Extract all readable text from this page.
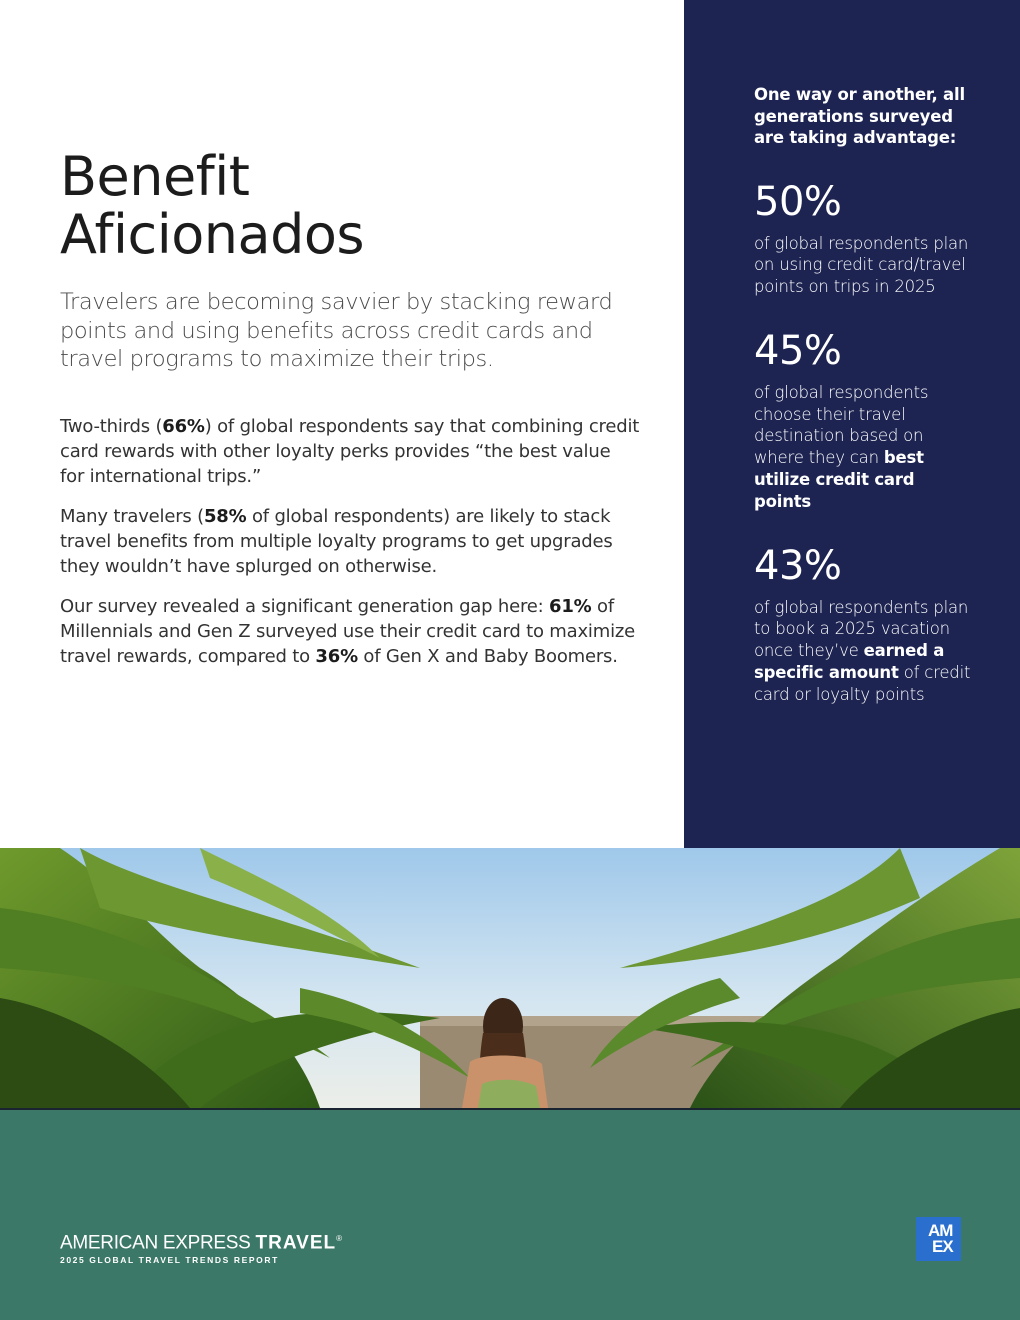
Benefit
Aficionados

Travelers are becoming savvier by stacking reward points and using benefits across credit cards and travel programs to maximize their trips.

Two-thirds (66%) of global respondents say that combining credit card rewards with other loyalty perks provides “the best value for international trips.”

Many travelers (58% of global respondents) are likely to stack travel benefits from multiple loyalty programs to get upgrades they wouldn’t have splurged on otherwise.

Our survey revealed a significant generation gap here: 61% of Millennials and Gen Z surveyed use their credit card to maximize travel rewards, compared to 36% of Gen X and Baby Boomers.

One way or another, all generations surveyed are taking advantage:

50%

of global respondents plan on using credit card/travel points on trips in 2025

45%

of global respondents choose their travel destination based on where they can best utilize credit card points

43%

of global respondents plan to book a 2025 vacation once they’ve earned a specific amount of credit card or loyalty points

AMERICAN EXPRESS TRAVEL®
2025 GLOBAL TRAVEL TRENDS REPORT
AM
EX
